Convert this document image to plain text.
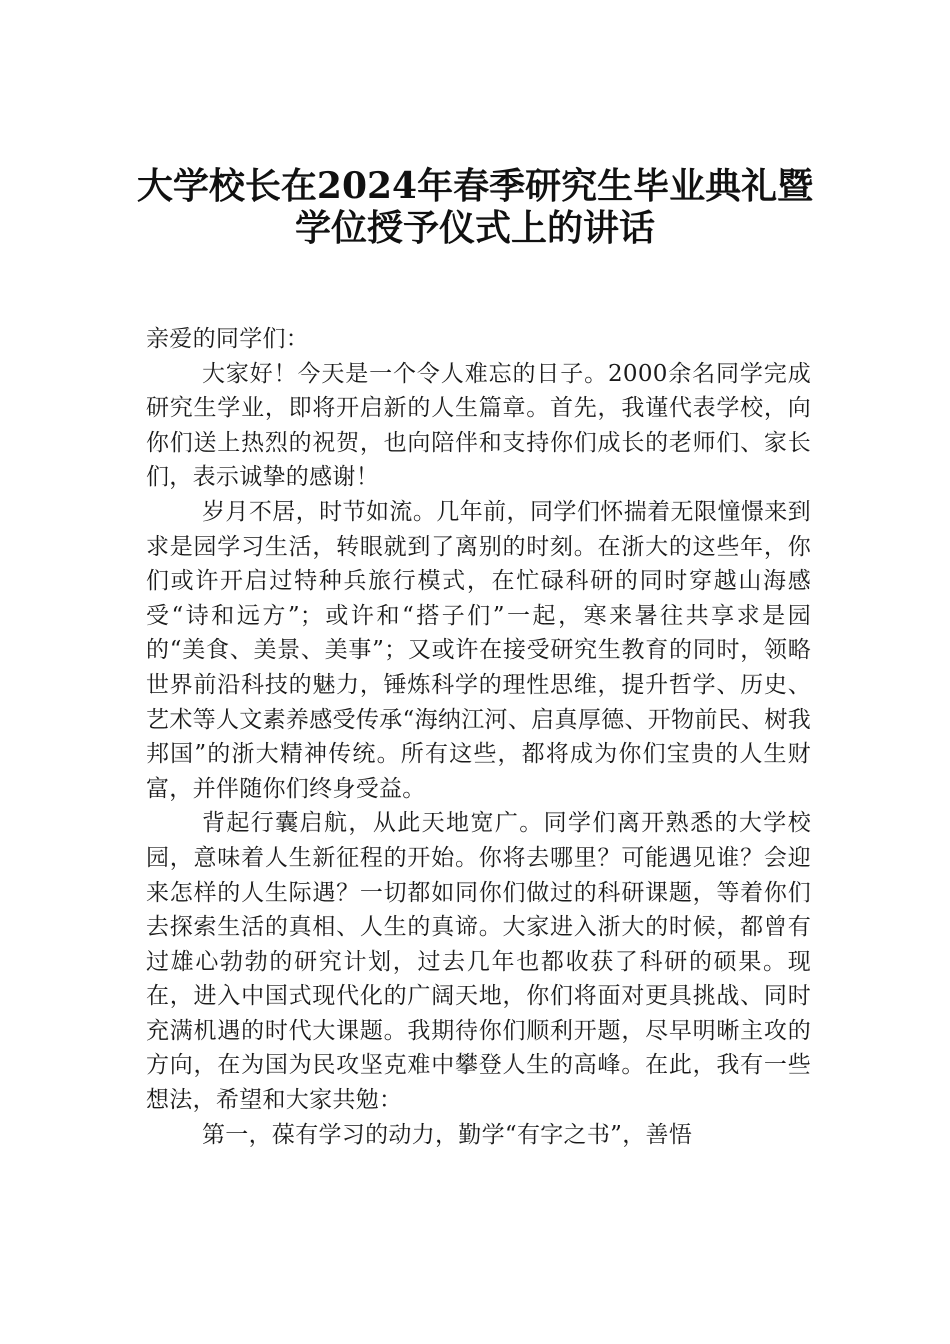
大学校长在2024年春季研究生毕业典礼暨
学位授予仪式上的讲话

亲爱的同学们：

大家好！今天是一个令人难忘的日子。2000余名同学完成研究生学业，即将开启新的人生篇章。首先，我谨代表学校，向你们送上热烈的祝贺，也向陪伴和支持你们成长的老师们、家长们，表示诚挚的感谢！

岁月不居，时节如流。几年前，同学们怀揣着无限憧憬来到求是园学习生活，转眼就到了离别的时刻。在浙大的这些年，你们或许开启过特种兵旅行模式，在忙碌科研的同时穿越山海感受“诗和远方”；或许和“搭子们”一起，寒来暑往共享求是园的“美食、美景、美事”；又或许在接受研究生教育的同时，领略世界前沿科技的魅力，锤炼科学的理性思维，提升哲学、历史、艺术等人文素养感受传承“海纳江河、启真厚德、开物前民、树我邦国”的浙大精神传统。所有这些，都将成为你们宝贵的人生财富，并伴随你们终身受益。

背起行囊启航，从此天地宽广。同学们离开熟悉的大学校园，意味着人生新征程的开始。你将去哪里？可能遇见谁？会迎来怎样的人生际遇？一切都如同你们做过的科研课题，等着你们去探索生活的真相、人生的真谛。大家进入浙大的时候，都曾有过雄心勃勃的研究计划，过去几年也都收获了科研的硕果。现在，进入中国式现代化的广阔天地，你们将面对更具挑战、同时充满机遇的时代大课题。我期待你们顺利开题，尽早明晰主攻的方向，在为国为民攻坚克难中攀登人生的高峰。在此，我有一些想法，希望和大家共勉：

第一，葆有学习的动力，勤学“有字之书”，善悟
